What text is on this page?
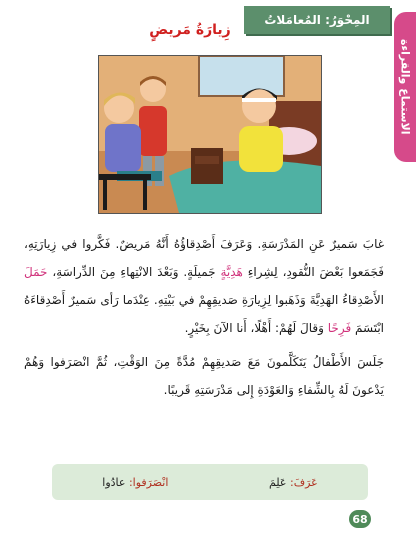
الاستماع والقراءة
المِحْوَرُ: المُعامَلاتُ
زِيارَةُ مَريضٍ

غابَ سَميرٌ عَنِ المَدْرَسَةِ. وَعَرَفَ أَصْدِقاؤُهُ أَنَّهُ مَريضٌ. فَكَّروا في زِيارَتِهِ، فَجَمَعوا بَعْضَ النُّقودِ، لِشِراءِ هَدِيَّةٍ جَميلَةٍ. وَبَعْدَ الانْتِهاءِ مِنَ الدِّراسَةِ، حَمَلَ الأَصْدِقاءُ الهَدِيَّةَ وَذَهَبوا لِزِيارَةِ صَديقِهِمْ في بَيْتِهِ. عِنْدَما رَأى سَميرٌ أَصْدِقاءَهُ ابْتَسَمَ فَرِحًا وَقالَ لَهُمْ: أَهْلًا، أَنا الآنَ بِخَيْرٍ.

جَلَسَ الأَطْفالُ يَتَكَلَّمونَ مَعَ صَديقِهِمْ مُدَّةً مِنَ الوَقْتِ، ثُمَّ انْصَرَفوا وَهُمْ يَدْعونَ لَهُ بِالشِّفاءِ وَالعَوْدَةِ إِلى مَدْرَسَتِهِ قَريبًا.

عَرَفَ: عَلِمَ
انْصَرَفوا: عادُوا
68
